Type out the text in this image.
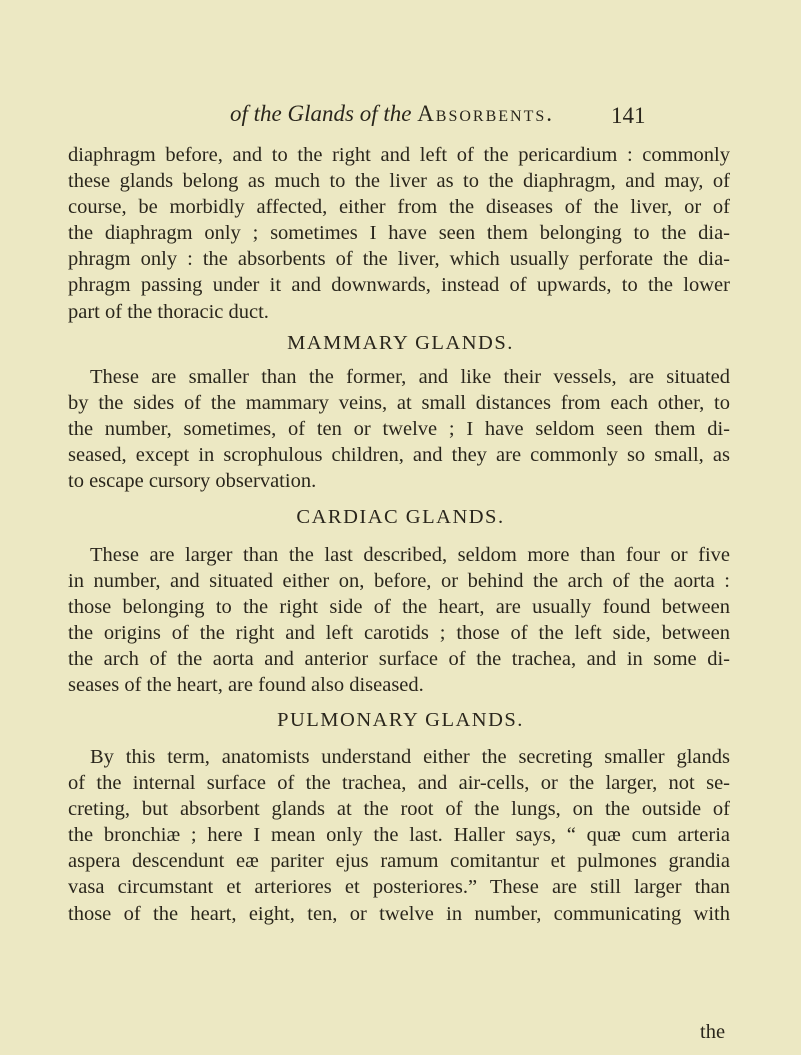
of the Glands of the Absorbents. 141
diaphragm before, and to the right and left of the pericardium : commonly
these glands belong as much to the liver as to the diaphragm, and may, of
course, be morbidly affected, either from the diseases of the liver, or of
the diaphragm only ; sometimes I have seen them belonging to the dia-
phragm only : the absorbents of the liver, which usually perforate the dia-
phragm passing under it and downwards, instead of upwards, to the lower
part of the thoracic duct.
MAMMARY GLANDS.
These are smaller than the former, and like their vessels, are situated
by the sides of the mammary veins, at small distances from each other, to
the number, sometimes, of ten or twelve ; I have seldom seen them di-
seased, except in scrophulous children, and they are commonly so small, as
to escape cursory observation.
CARDIAC GLANDS.
These are larger than the last described, seldom more than four or five
in number, and situated either on, before, or behind the arch of the aorta :
those belonging to the right side of the heart, are usually found between
the origins of the right and left carotids ; those of the left side, between
the arch of the aorta and anterior surface of the trachea, and in some di-
seases of the heart, are found also diseased.
PULMONARY GLANDS.
By this term, anatomists understand either the secreting smaller glands
of the internal surface of the trachea, and air-cells, or the larger, not se-
creting, but absorbent glands at the root of the lungs, on the outside of
the bronchiæ ; here I mean only the last. Haller says, “ quæ cum arteria
aspera descendunt eæ pariter ejus ramum comitantur et pulmones grandia
vasa circumstant et arteriores et posteriores.” These are still larger than
those of the heart, eight, ten, or twelve in number, communicating with
the
